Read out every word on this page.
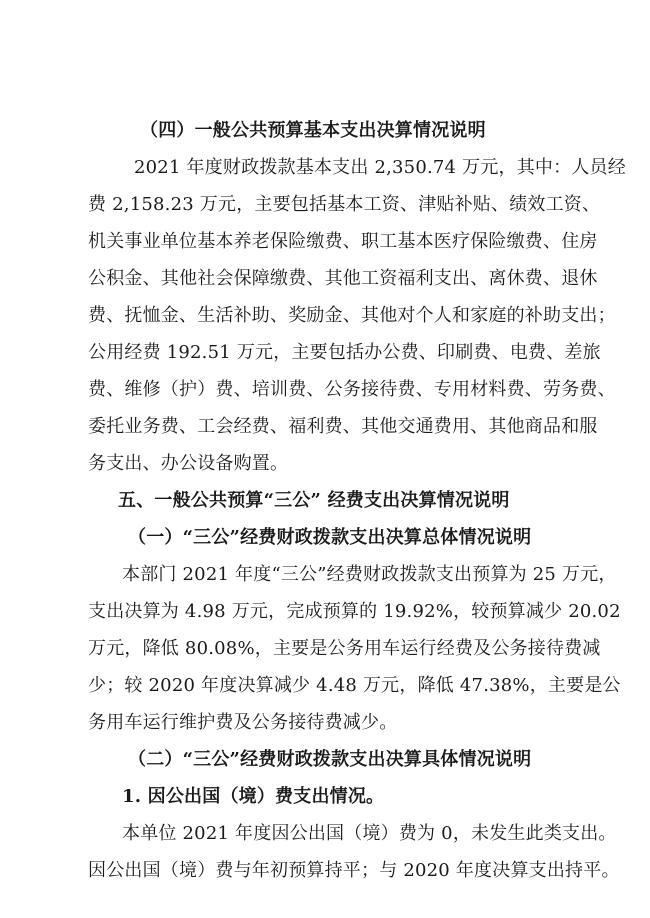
（四）一般公共预算基本支出决算情况说明
2021 年度财政拨款基本支出 2,350.74 万元，其中：人员经
费 2,158.23 万元，主要包括基本工资、津贴补贴、绩效工资、
机关事业单位基本养老保险缴费、职工基本医疗保险缴费、住房
公积金、其他社会保障缴费、其他工资福利支出、离休费、退休
费、抚恤金、生活补助、奖励金、其他对个人和家庭的补助支出；
公用经费 192.51 万元，主要包括办公费、印刷费、电费、差旅
费、维修（护）费、培训费、公务接待费、专用材料费、劳务费、
委托业务费、工会经费、福利费、其他交通费用、其他商品和服
务支出、办公设备购置。
五、一般公共预算“三公” 经费支出决算情况说明
（一）“三公”经费财政拨款支出决算总体情况说明
本部门 2021 年度“三公”经费财政拨款支出预算为 25 万元，
支出决算为 4.98 万元，完成预算的 19.92%，较预算减少 20.02
万元，降低 80.08%，主要是公务用车运行经费及公务接待费减
少；较 2020 年度决算减少 4.48 万元，降低 47.38%，主要是公
务用车运行维护费及公务接待费减少。
（二）“三公”经费财政拨款支出决算具体情况说明
1. 因公出国（境）费支出情况。
本单位 2021 年度因公出国（境）费为 0，未发生此类支出。
因公出国（境）费与年初预算持平；与 2020 年度决算支出持平。
